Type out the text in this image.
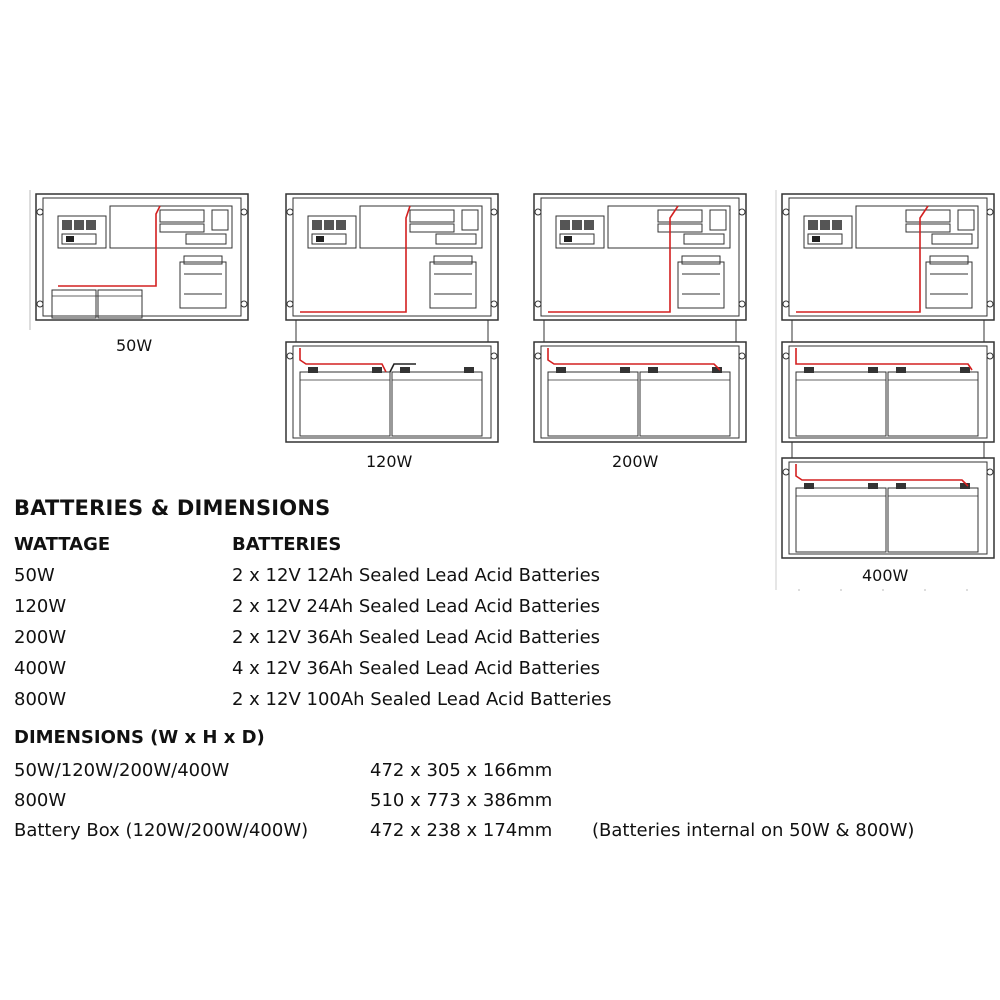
50W
120W	200W
400W
BATTERIES & DIMENSIONS
WATTAGE	BATTERIES
50W	2 x 12V 12Ah Sealed Lead Acid Batteries
120W	2 x 12V 24Ah Sealed Lead Acid Batteries
200W	2 x 12V 36Ah Sealed Lead Acid Batteries
400W	4 x 12V 36Ah Sealed Lead Acid Batteries
800W	2 x 12V 100Ah Sealed Lead Acid Batteries
DIMENSIONS (W x H x D)
50W/120W/200W/400W	472 x 305 x 166mm
800W	510 x 773 x 386mm
Battery Box (120W/200W/400W)	472 x 238 x 174mm (Batteries internal on 50W & 800W)
